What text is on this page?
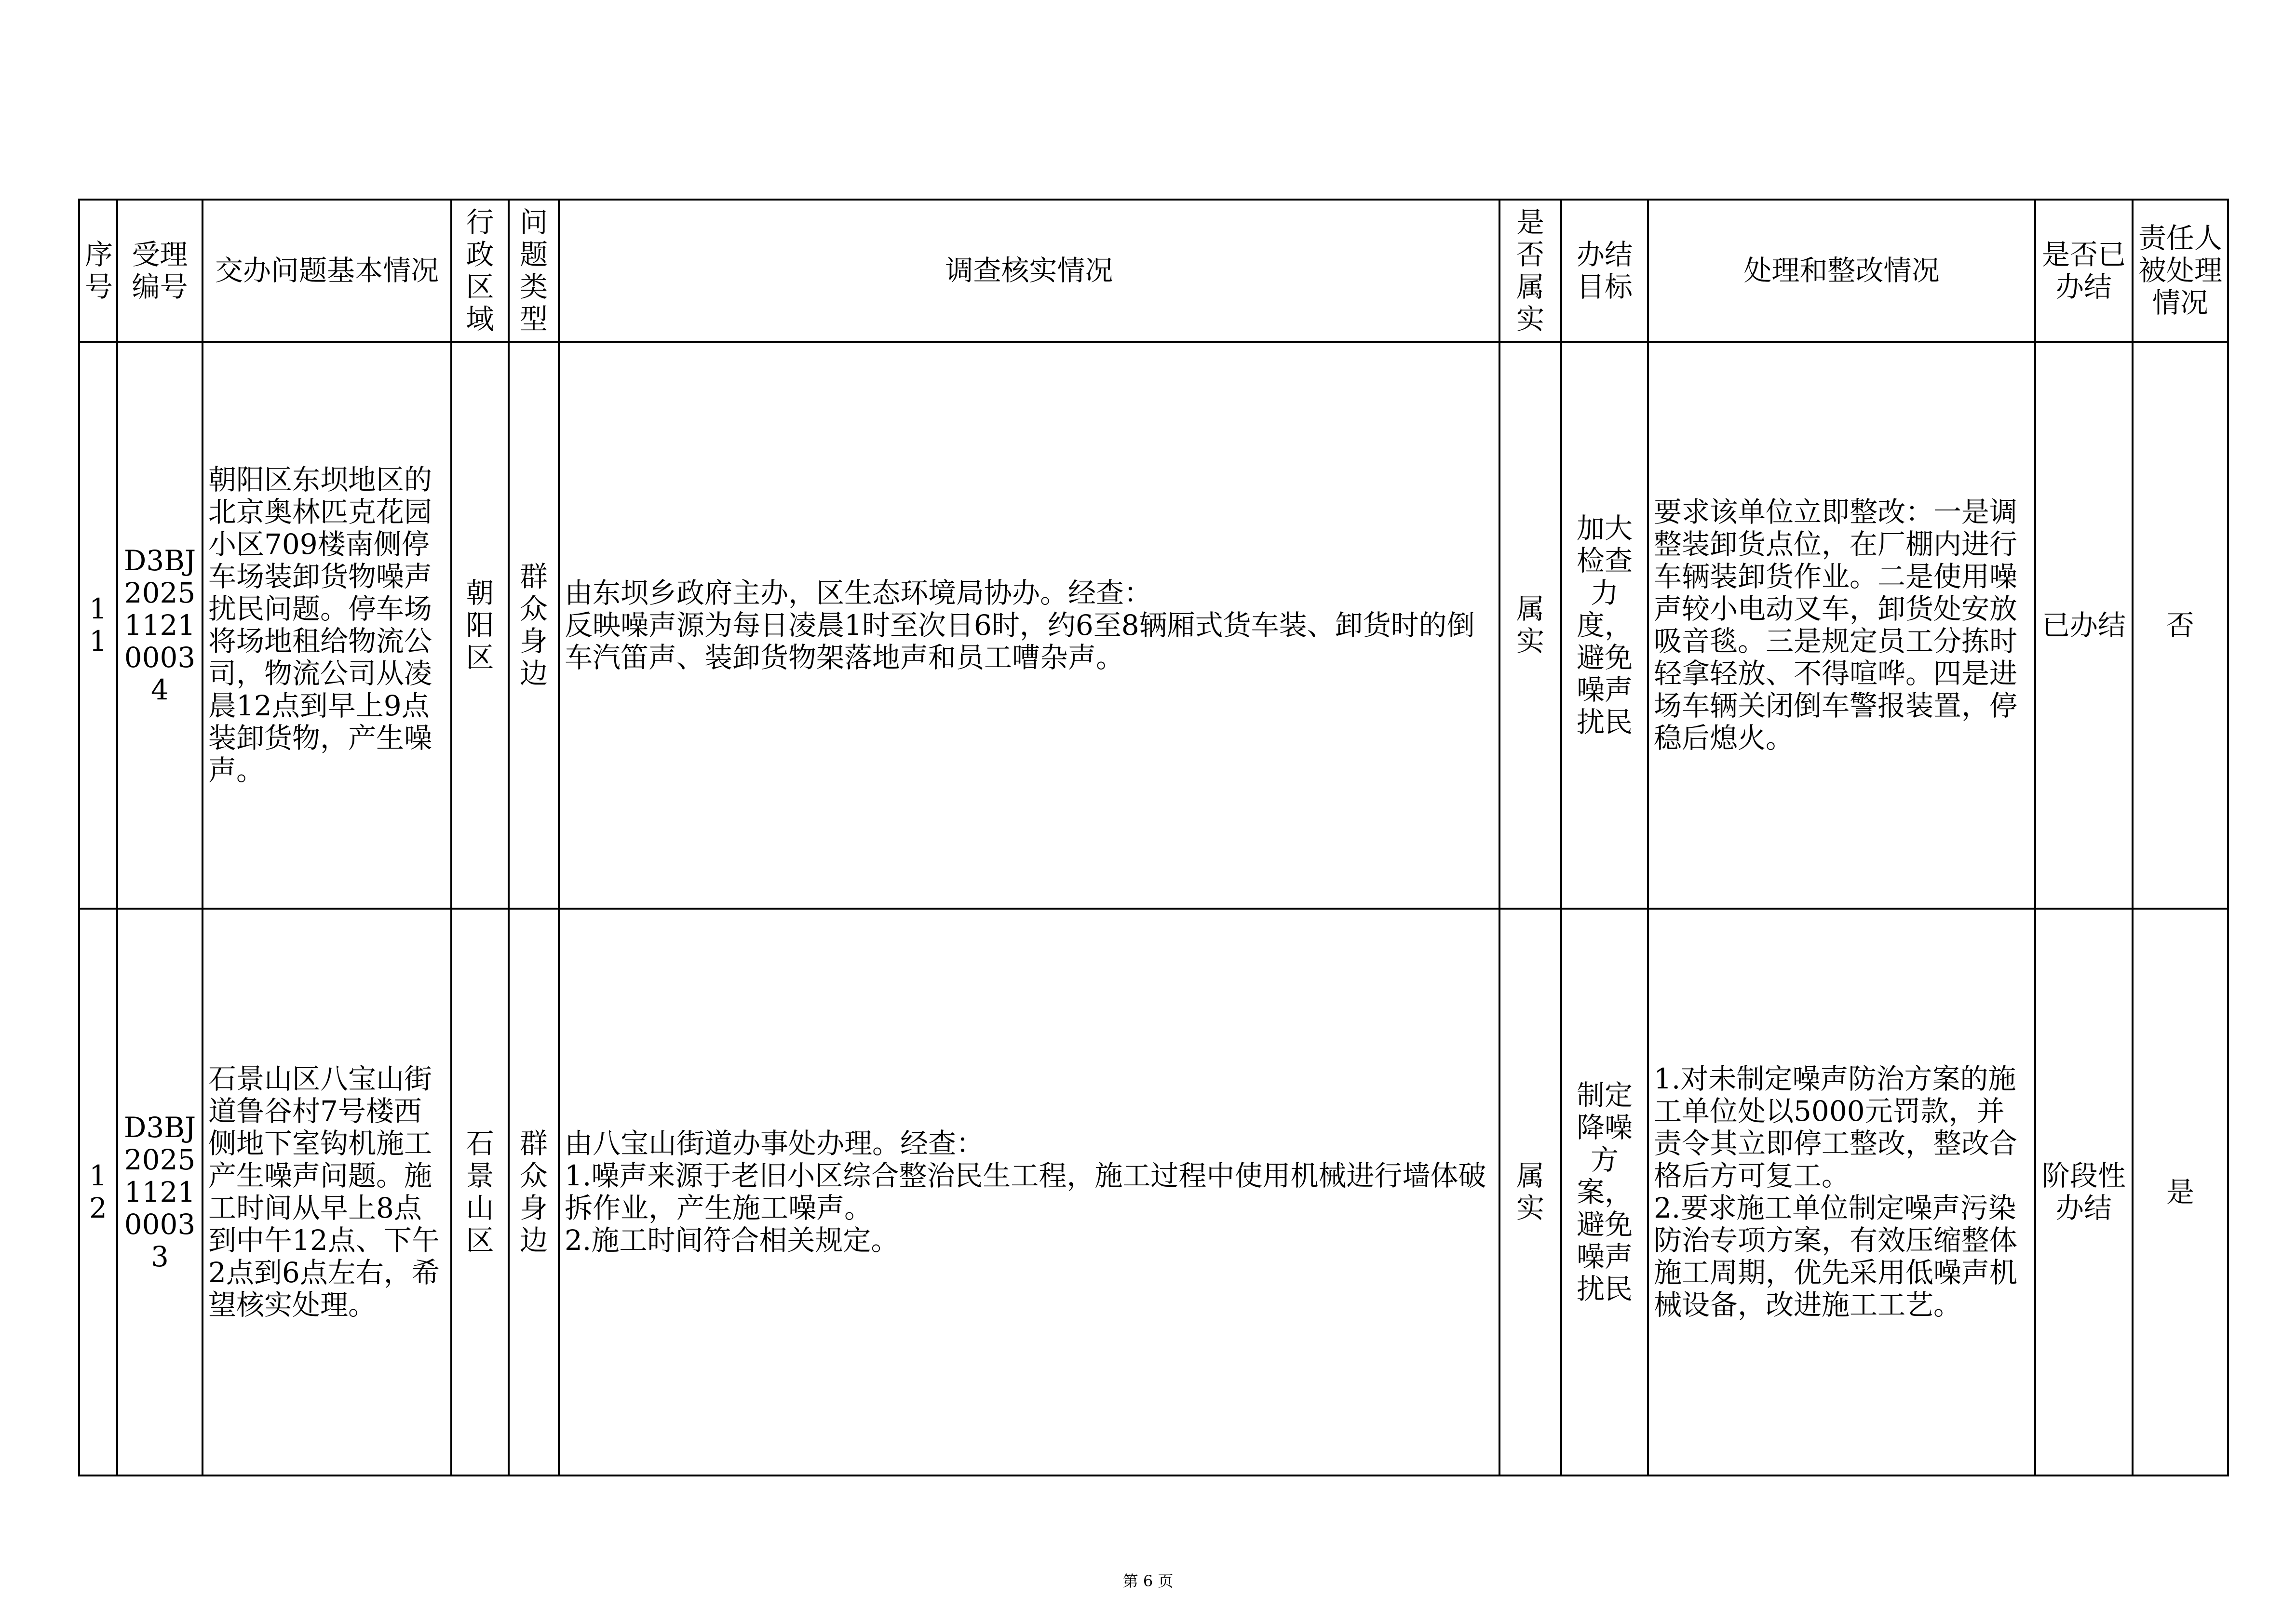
序号	受理编号	交办问题基本情况	行政区域	问题类型	调查核实情况	是否属实	办结目标	处理和整改情况	是否已办结	责任人被处理情况
11	D3BJ2025112100034	朝阳区东坝地区的北京奥林匹克花园小区709楼南侧停车场装卸货物噪声扰民问题。停车场将场地租给物流公司，物流公司从凌晨12点到早上9点装卸货物，产生噪声。	朝阳区	群众身边	由东坝乡政府主办，区生态环境局协办。经查：
反映噪声源为每日凌晨1时至次日6时，约6至8辆厢式货车装、卸货时的倒车汽笛声、装卸货物架落地声和员工嘈杂声。	属实	加大检查力度，避免噪声扰民	要求该单位立即整改：一是调整装卸货点位，在厂棚内进行车辆装卸货作业。二是使用噪声较小电动叉车，卸货处安放吸音毯。三是规定员工分拣时轻拿轻放、不得喧哗。四是进场车辆关闭倒车警报装置，停稳后熄火。	已办结	否
12	D3BJ2025112100033	石景山区八宝山街道鲁谷村7号楼西侧地下室钩机施工产生噪声问题。施工时间从早上8点到中午12点、下午2点到6点左右，希望核实处理。	石景山区	群众身边	由八宝山街道办事处办理。经查：
1.噪声来源于老旧小区综合整治民生工程，施工过程中使用机械进行墙体破拆作业，产生施工噪声。
2.施工时间符合相关规定。	属实	制定降噪方案，避免噪声扰民	1.对未制定噪声防治方案的施工单位处以5000元罚款，并责令其立即停工整改，整改合格后方可复工。
2.要求施工单位制定噪声污染防治专项方案，有效压缩整体施工周期，优先采用低噪声机械设备，改进施工工艺。	阶段性办结	是
第 6 页
